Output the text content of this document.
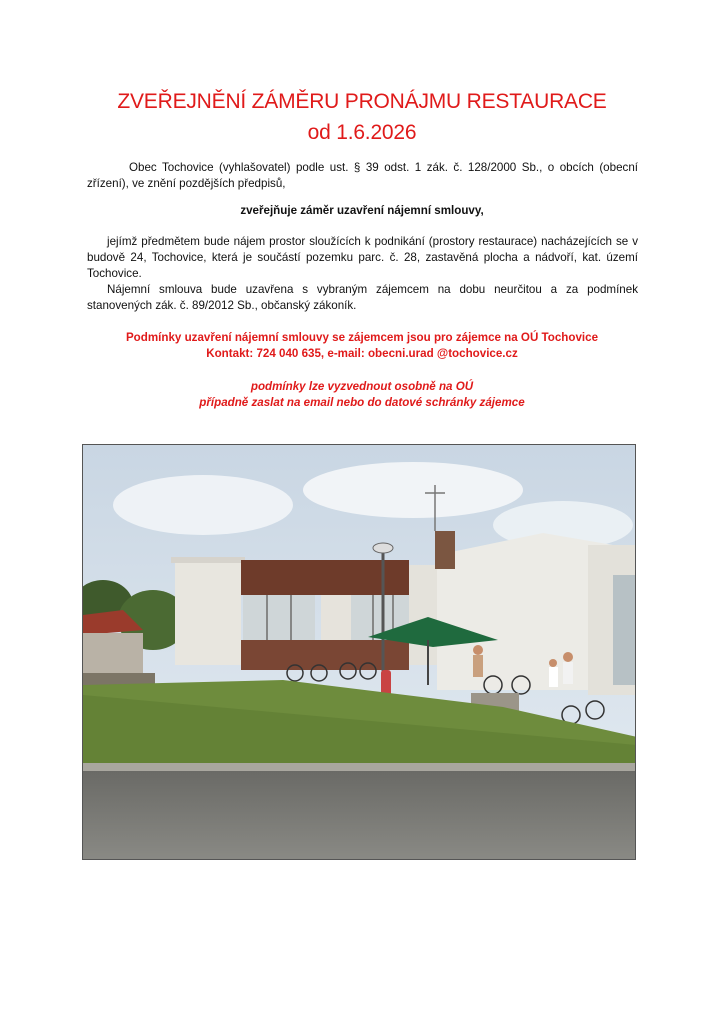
ZVEŘEJNĚNÍ ZÁMĚRU PRONÁJMU RESTAURACE
od 1.6.2026
Obec Tochovice (vyhlašovatel) podle ust. § 39 odst. 1 zák. č. 128/2000 Sb., o obcích (obecní zřízení), ve znění pozdějších předpisů,
zveřejňuje záměr uzavření nájemní smlouvy,
jejímž předmětem bude nájem prostor sloužících k podnikání (prostory restaurace) nacházejících se v budově 24, Tochovice, která je součástí pozemku parc. č. 28, zastavěná plocha a nádvoří, kat. území Tochovice.
Nájemní smlouva bude uzavřena s vybraným zájemcem na dobu neurčitou a za podmínek stanovených zák. č. 89/2012 Sb., občanský zákoník.
Podmínky uzavření nájemní smlouvy se zájemcem jsou pro zájemce na OÚ Tochovice
Kontakt: 724 040 635, e-mail: obecni.urad @tochovice.cz
podmínky lze vyzvednout osobně na OÚ
případně zaslat na email nebo do datové schránky zájemce
